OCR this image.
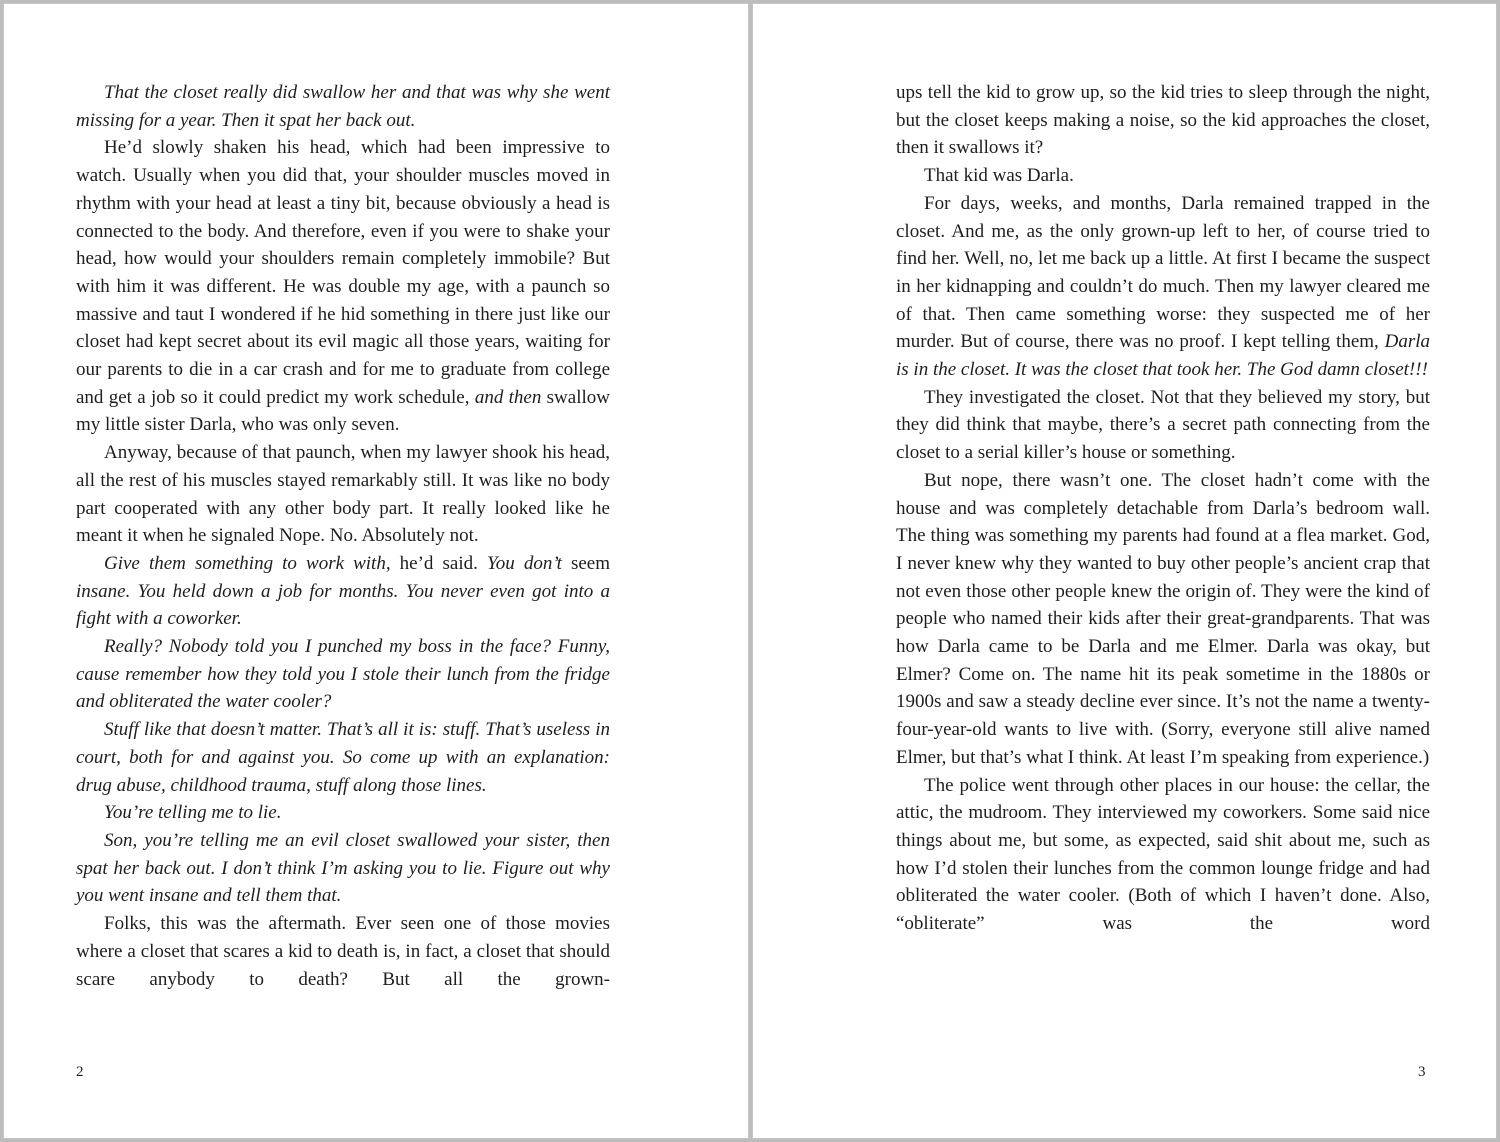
That the closet really did swallow her and that was why she went missing for a year. Then it spat her back out.

He’d slowly shaken his head, which had been impressive to watch. Usually when you did that, your shoulder muscles moved in rhythm with your head at least a tiny bit, because obviously a head is connected to the body. And therefore, even if you were to shake your head, how would your shoulders remain completely immobile? But with him it was different. He was double my age, with a paunch so massive and taut I wondered if he hid something in there just like our closet had kept secret about its evil magic all those years, waiting for our parents to die in a car crash and for me to graduate from college and get a job so it could predict my work schedule, and then swallow my little sister Darla, who was only seven.

Anyway, because of that paunch, when my lawyer shook his head, all the rest of his muscles stayed remarkably still. It was like no body part cooperated with any other body part. It really looked like he meant it when he signaled Nope. No. Absolutely not.

Give them something to work with, he’d said. You don’t seem insane. You held down a job for months. You never even got into a fight with a coworker.

Really? Nobody told you I punched my boss in the face? Funny, cause remember how they told you I stole their lunch from the fridge and obliterated the water cooler?

Stuff like that doesn’t matter. That’s all it is: stuff. That’s useless in court, both for and against you. So come up with an explanation: drug abuse, childhood trauma, stuff along those lines.

You’re telling me to lie.

Son, you’re telling me an evil closet swallowed your sister, then spat her back out. I don’t think I’m asking you to lie. Figure out why you went insane and tell them that.

Folks, this was the aftermath. Ever seen one of those movies where a closet that scares a kid to death is, in fact, a closet that should scare anybody to death? But all the grown-

2

ups tell the kid to grow up, so the kid tries to sleep through the night, but the closet keeps making a noise, so the kid approaches the closet, then it swallows it?

That kid was Darla.

For days, weeks, and months, Darla remained trapped in the closet. And me, as the only grown-up left to her, of course tried to find her. Well, no, let me back up a little. At first I became the suspect in her kidnapping and couldn’t do much. Then my lawyer cleared me of that. Then came something worse: they suspected me of her murder. But of course, there was no proof. I kept telling them, Darla is in the closet. It was the closet that took her. The God damn closet!!!

They investigated the closet. Not that they believed my story, but they did think that maybe, there’s a secret path connecting from the closet to a serial killer’s house or something.

But nope, there wasn’t one. The closet hadn’t come with the house and was completely detachable from Darla’s bedroom wall. The thing was something my parents had found at a flea market. God, I never knew why they wanted to buy other people’s ancient crap that not even those other people knew the origin of. They were the kind of people who named their kids after their great-grandparents. That was how Darla came to be Darla and me Elmer. Darla was okay, but Elmer? Come on. The name hit its peak sometime in the 1880s or 1900s and saw a steady decline ever since. It’s not the name a twenty-four-year-old wants to live with. (Sorry, everyone still alive named Elmer, but that’s what I think. At least I’m speaking from experience.)

The police went through other places in our house: the cellar, the attic, the mudroom. They interviewed my coworkers. Some said nice things about me, but some, as expected, said shit about me, such as how I’d stolen their lunches from the common lounge fridge and had obliterated the water cooler. (Both of which I haven’t done. Also, “obliterate” was the word

3
